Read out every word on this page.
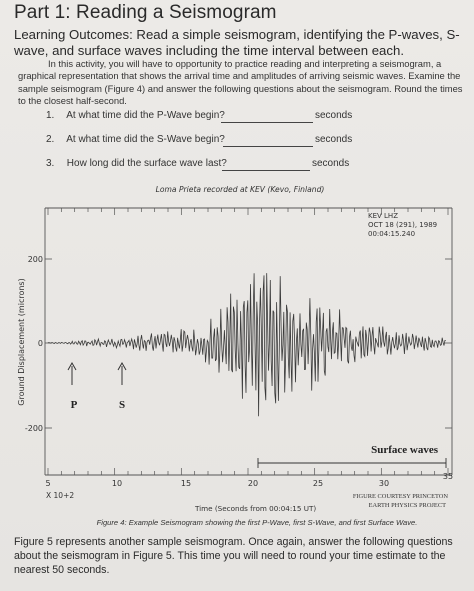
Part 1: Reading a Seismogram
Learning Outcomes: Read a simple seismogram, identifying the P-waves, S-wave, and surface waves including the time interval between each.
In this activity, you will have to opportunity to practice reading and interpreting a seismogram, a graphical representation that shows the arrival time and amplitudes of arriving seismic waves. Examine the sample seismogram (Figure 4) and answer the following questions about the seismogram. Round the times to the closest half-second.
1. At what time did the P-Wave begin?	seconds
2. At what time did the S-Wave begin?	seconds
3. How long did the surface wave last?	seconds
Loma Prieta recorded at KEV (Kevo, Finland)
200
0
-200
Ground Displacement (microns)
KEV LHZ
OCT 18 (291), 1989
00:04:15.240
P	S
Surface waves
5	10	15	20	25	30
35
X 10+2
Time (Seconds from 00:04:15 UT)
FIGURE COURTESY PRINCETON
EARTH PHYSICS PROJECT
Figure 4: Example Seismogram showing the first P-Wave, first S-Wave, and first Surface Wave.
Figure 5 represents another sample seismogram. Once again, answer the following questions about the seismogram in Figure 5. This time you will need to round your time estimate to the nearest 50 seconds.
